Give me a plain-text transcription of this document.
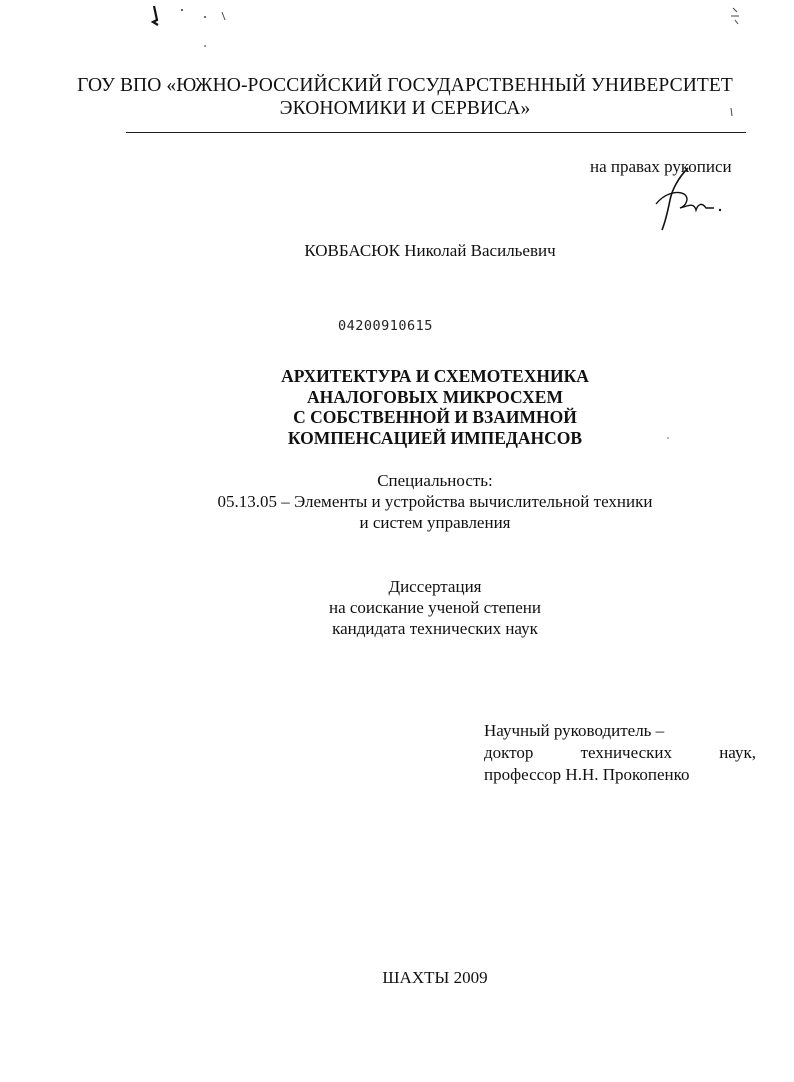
ГОУ ВПО «ЮЖНО-РОССИЙСКИЙ ГОСУДАРСТВЕННЫЙ УНИВЕРСИТЕТ
ЭКОНОМИКИ И СЕРВИСА»
на правах рукописи
КОВБАСЮК Николай Васильевич
04200910615
АРХИТЕКТУРА И СХЕМОТЕХНИКА
АНАЛОГОВЫХ МИКРОСХЕМ
С СОБСТВЕННОЙ И ВЗАИМНОЙ
КОМПЕНСАЦИЕЙ ИМПЕДАНСОВ
Специальность:
05.13.05 – Элементы и устройства вычислительной техники
и систем управления
Диссертация
на соискание ученой степени
кандидата технических наук
Научный руководитель –
доктор	технических	наук,
профессор Н.Н. Прокопенко
ШАХТЫ 2009
